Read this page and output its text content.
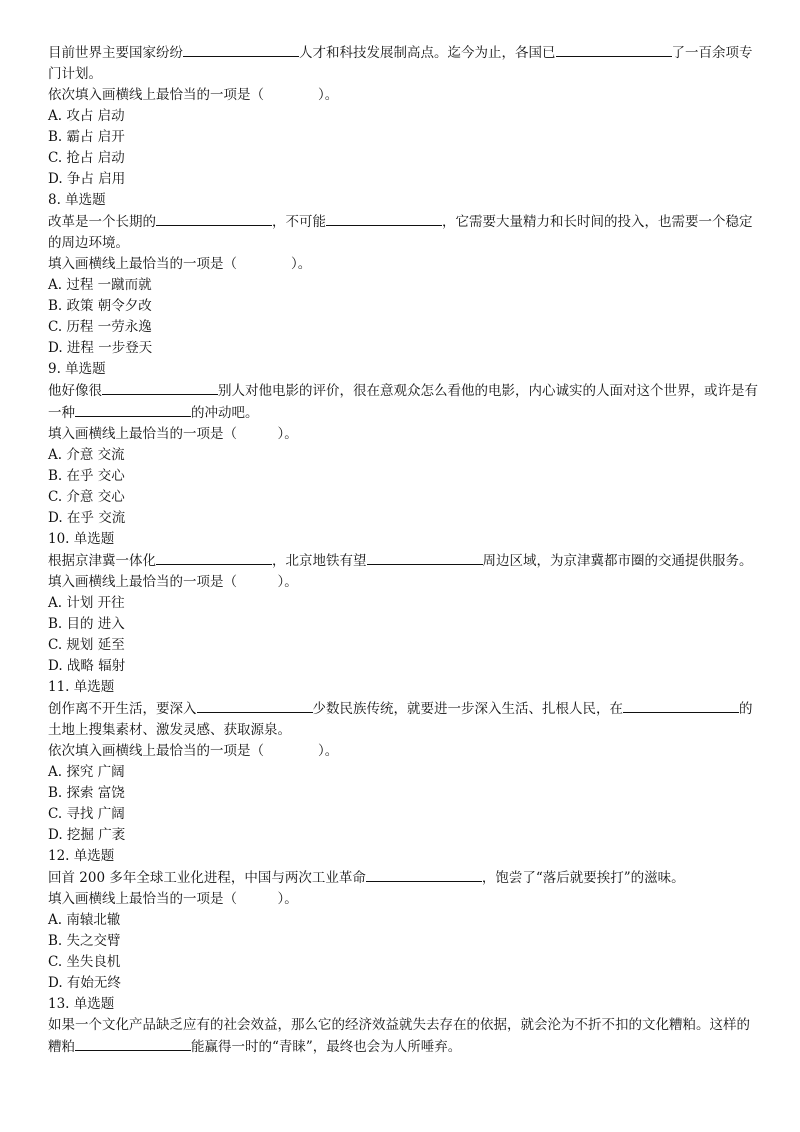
目前世界主要国家纷纷	人才和科技发展制高点。迄今为止，各国已	了一百余项专门计划。

依次填入画横线上最恰当的一项是（　　　　）。

A. 攻占 启动

B. 霸占 启开

C. 抢占 启动

D. 争占 启用

8. 单选题

改革是一个长期的	，不可能	，它需要大量精力和长时间的投入，也需要一个稳定的周边环境。

填入画横线上最恰当的一项是（　　　　）。

A. 过程 一蹴而就

B. 政策 朝令夕改

C. 历程 一劳永逸

D. 进程 一步登天

9. 单选题

他好像很	别人对他电影的评价，很在意观众怎么看他的电影，内心诚实的人面对这个世界，或许是有一种	的冲动吧。

填入画横线上最恰当的一项是（　　　）。

A. 介意 交流

B. 在乎 交心

C. 介意 交心

D. 在乎 交流

10. 单选题

根据京津冀一体化	，北京地铁有望	周边区域，为京津冀都市圈的交通提供服务。

填入画横线上最恰当的一项是（　　　）。

A. 计划 开往

B. 目的 进入

C. 规划 延至

D. 战略 辐射

11. 单选题

创作离不开生活，要深入	少数民族传统，就要进一步深入生活、扎根人民，在	的土地上搜集素材、激发灵感、获取源泉。

依次填入画横线上最恰当的一项是（　　　　）。

A. 探究 广阔

B. 探索 富饶

C. 寻找 广阔

D. 挖掘 广袤

12. 单选题

回首 200 多年全球工业化进程，中国与两次工业革命	，饱尝了“落后就要挨打”的滋味。

填入画横线上最恰当的一项是（　　　）。

A. 南辕北辙

B. 失之交臂

C. 坐失良机

D. 有始无终

13. 单选题

如果一个文化产品缺乏应有的社会效益，那么它的经济效益就失去存在的依据，就会沦为不折不扣的文化糟粕。这样的糟粕	能赢得一时的“青睐”，最终也会为人所唾弃。
